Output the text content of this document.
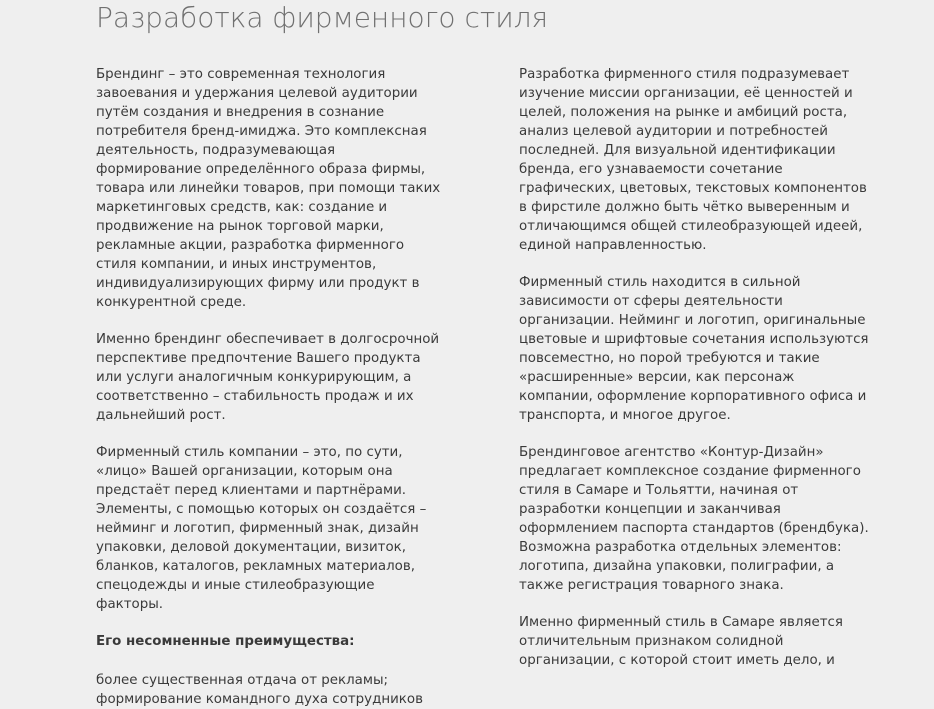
Разработка фирменного стиля

Брендинг – это современная технология завоевания и удержания целевой аудитории путём создания и внедрения в сознание потребителя бренд-имиджа. Это комплексная деятельность, подразумевающая формирование определённого образа фирмы, товара или линейки товаров, при помощи таких маркетинговых средств, как: создание и продвижение на рынок торговой марки, рекламные акции, разработка фирменного стиля компании, и иных инструментов, индивидуализирующих фирму или продукт в конкурентной среде.

Именно брендинг обеспечивает в долгосрочной перспективе предпочтение Вашего продукта или услуги аналогичным конкурирующим, а соответственно – стабильность продаж и их дальнейший рост.

Фирменный стиль компании – это, по сути, «лицо» Вашей организации, которым она предстаёт перед клиентами и партнёрами. Элементы, с помощью которых он создаётся – нейминг и логотип, фирменный знак, дизайн упаковки, деловой документации, визиток, бланков, каталогов, рекламных материалов, спецодежды и иные стилеобразующие факторы.

Его несомненные преимущества:

более существенная отдача от рекламы;

формирование командного духа сотрудников

Разработка фирменного стиля подразумевает изучение миссии организации, её ценностей и целей, положения на рынке и амбиций роста, анализ целевой аудитории и потребностей последней. Для визуальной идентификации бренда, его узнаваемости сочетание графических, цветовых, текстовых компонентов в фирстиле должно быть чётко выверенным и отличающимся общей стилеобразующей идеей, единой направленностью.

Фирменный стиль находится в сильной зависимости от сферы деятельности организации. Нейминг и логотип, оригинальные цветовые и шрифтовые сочетания используются повсеместно, но порой требуются и такие «расширенные» версии, как персонаж компании, оформление корпоративного офиса и транспорта, и многое другое.

Брендинговое агентство «Контур-Дизайн» предлагает комплексное создание фирменного стиля в Самаре и Тольятти, начиная от разработки концепции и заканчивая оформлением паспорта стандартов (брендбука). Возможна разработка отдельных элементов: логотипа, дизайна упаковки, полиграфии, а также регистрация товарного знака.

Именно фирменный стиль в Самаре является отличительным признаком солидной организации, с которой стоит иметь дело, и
